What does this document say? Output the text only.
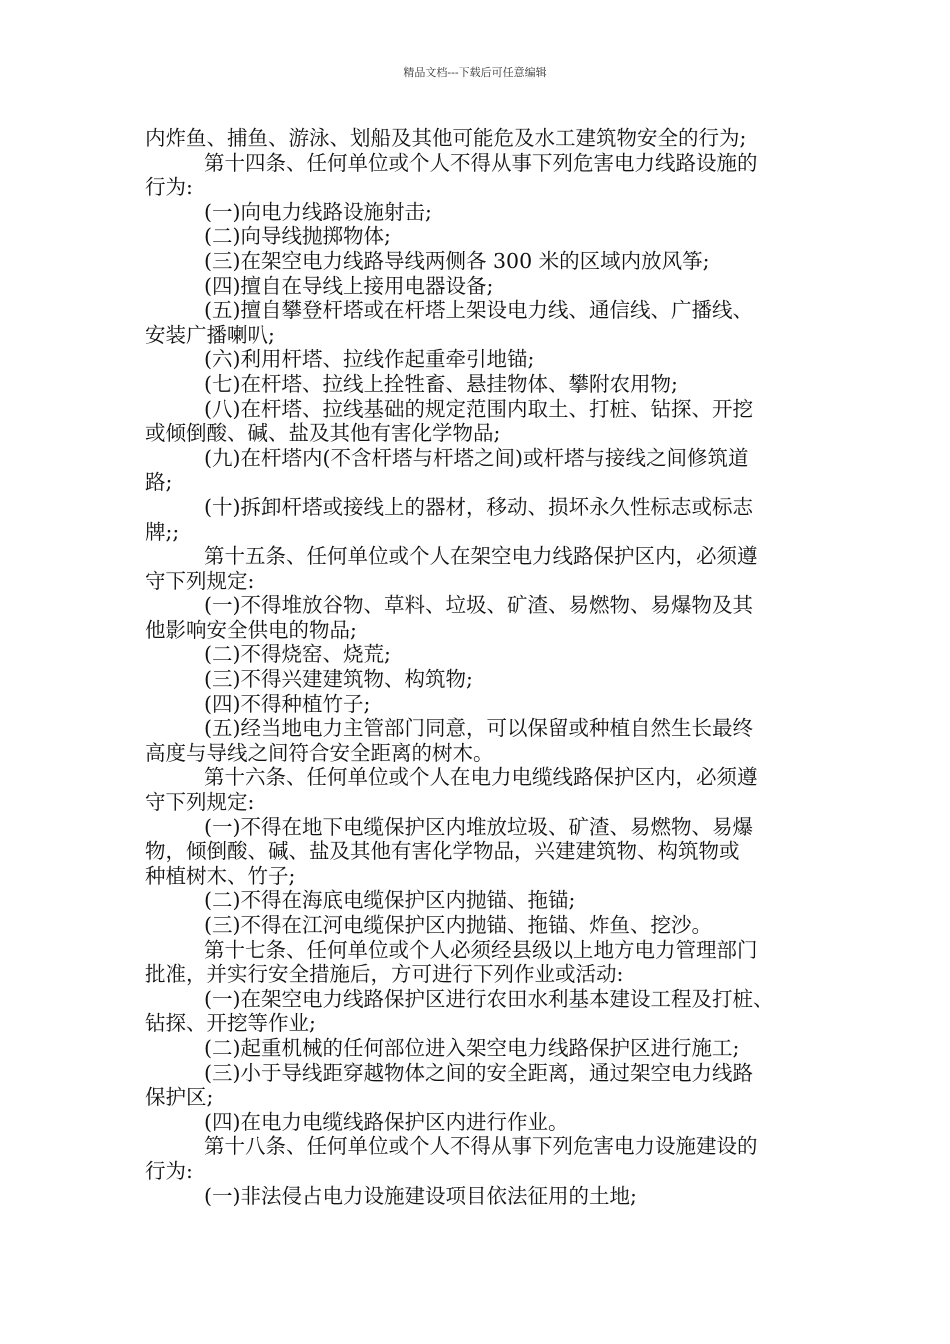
精品文档---下载后可任意编辑
内炸鱼、捕鱼、游泳、划船及其他可能危及水工建筑物安全的行为;
第十四条、任何单位或个人不得从事下列危害电力线路设施的
行为:
(一)向电力线路设施射击;
(二)向导线抛掷物体;
(三)在架空电力线路导线两侧各 300 米的区域内放风筝;
(四)擅自在导线上接用电器设备;
(五)擅自攀登杆塔或在杆塔上架设电力线、通信线、广播线、
安装广播喇叭;
(六)利用杆塔、拉线作起重牵引地锚;
(七)在杆塔、拉线上拴牲畜、悬挂物体、攀附农用物;
(八)在杆塔、拉线基础的规定范围内取土、打桩、钻探、开挖
或倾倒酸、碱、盐及其他有害化学物品;
(九)在杆塔内(不含杆塔与杆塔之间)或杆塔与接线之间修筑道
路;
(十)拆卸杆塔或接线上的器材，移动、损坏永久性标志或标志
牌;;
第十五条、任何单位或个人在架空电力线路保护区内，必须遵
守下列规定:
(一)不得堆放谷物、草料、垃圾、矿渣、易燃物、易爆物及其
他影响安全供电的物品;
(二)不得烧窑、烧荒;
(三)不得兴建建筑物、构筑物;
(四)不得种植竹子;
(五)经当地电力主管部门同意，可以保留或种植自然生长最终
高度与导线之间符合安全距离的树木。
第十六条、任何单位或个人在电力电缆线路保护区内，必须遵
守下列规定:
(一)不得在地下电缆保护区内堆放垃圾、矿渣、易燃物、易爆
物，倾倒酸、碱、盐及其他有害化学物品，兴建建筑物、构筑物或
种植树木、竹子;
(二)不得在海底电缆保护区内抛锚、拖锚;
(三)不得在江河电缆保护区内抛锚、拖锚、炸鱼、挖沙。
第十七条、任何单位或个人必须经县级以上地方电力管理部门
批准，并实行安全措施后，方可进行下列作业或活动:
(一)在架空电力线路保护区进行农田水利基本建设工程及打桩、
钻探、开挖等作业;
(二)起重机械的任何部位进入架空电力线路保护区进行施工;
(三)小于导线距穿越物体之间的安全距离，通过架空电力线路
保护区;
(四)在电力电缆线路保护区内进行作业。
第十八条、任何单位或个人不得从事下列危害电力设施建设的
行为:
(一)非法侵占电力设施建设项目依法征用的土地;
